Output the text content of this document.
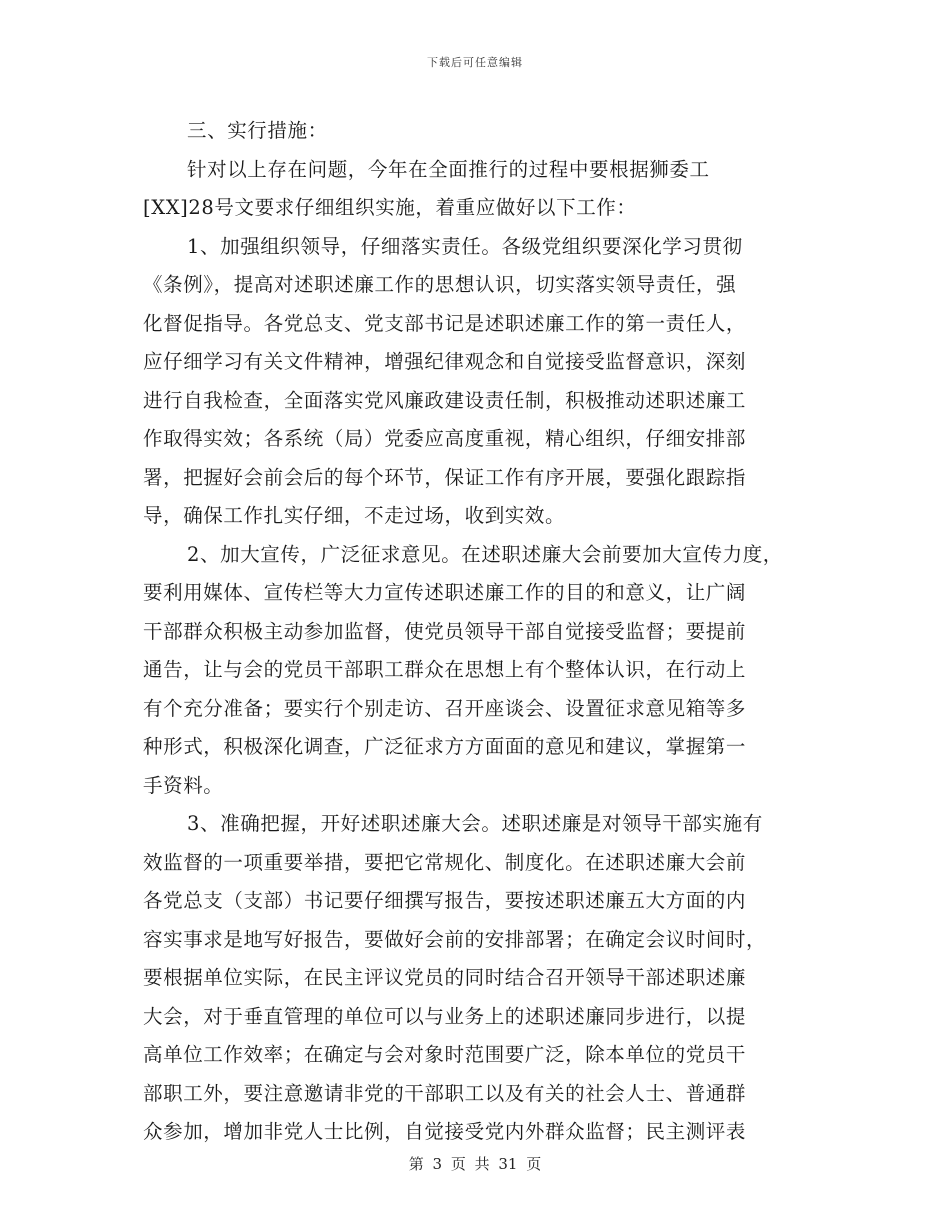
下载后可任意编辑
三、实行措施：
针对以上存在问题，今年在全面推行的过程中要根据狮委工
[XX]28号文要求仔细组织实施，着重应做好以下工作：
1、加强组织领导，仔细落实责任。各级党组织要深化学习贯彻
《条例》，提高对述职述廉工作的思想认识，切实落实领导责任，强
化督促指导。各党总支、党支部书记是述职述廉工作的第一责任人，
应仔细学习有关文件精神，增强纪律观念和自觉接受监督意识，深刻
进行自我检查，全面落实党风廉政建设责任制，积极推动述职述廉工
作取得实效；各系统（局）党委应高度重视，精心组织，仔细安排部
署，把握好会前会后的每个环节，保证工作有序开展，要强化跟踪指
导，确保工作扎实仔细，不走过场，收到实效。
2、加大宣传，广泛征求意见。在述职述廉大会前要加大宣传力度，
要利用媒体、宣传栏等大力宣传述职述廉工作的目的和意义，让广阔
干部群众积极主动参加监督，使党员领导干部自觉接受监督；要提前
通告，让与会的党员干部职工群众在思想上有个整体认识，在行动上
有个充分准备；要实行个别走访、召开座谈会、设置征求意见箱等多
种形式，积极深化调查，广泛征求方方面面的意见和建议，掌握第一
手资料。
3、准确把握，开好述职述廉大会。述职述廉是对领导干部实施有
效监督的一项重要举措，要把它常规化、制度化。在述职述廉大会前
各党总支（支部）书记要仔细撰写报告，要按述职述廉五大方面的内
容实事求是地写好报告，要做好会前的安排部署；在确定会议时间时，
要根据单位实际，在民主评议党员的同时结合召开领导干部述职述廉
大会，对于垂直管理的单位可以与业务上的述职述廉同步进行，以提
高单位工作效率；在确定与会对象时范围要广泛，除本单位的党员干
部职工外，要注意邀请非党的干部职工以及有关的社会人士、普通群
众参加，增加非党人士比例，自觉接受党内外群众监督；民主测评表
第 3 页 共 31 页
